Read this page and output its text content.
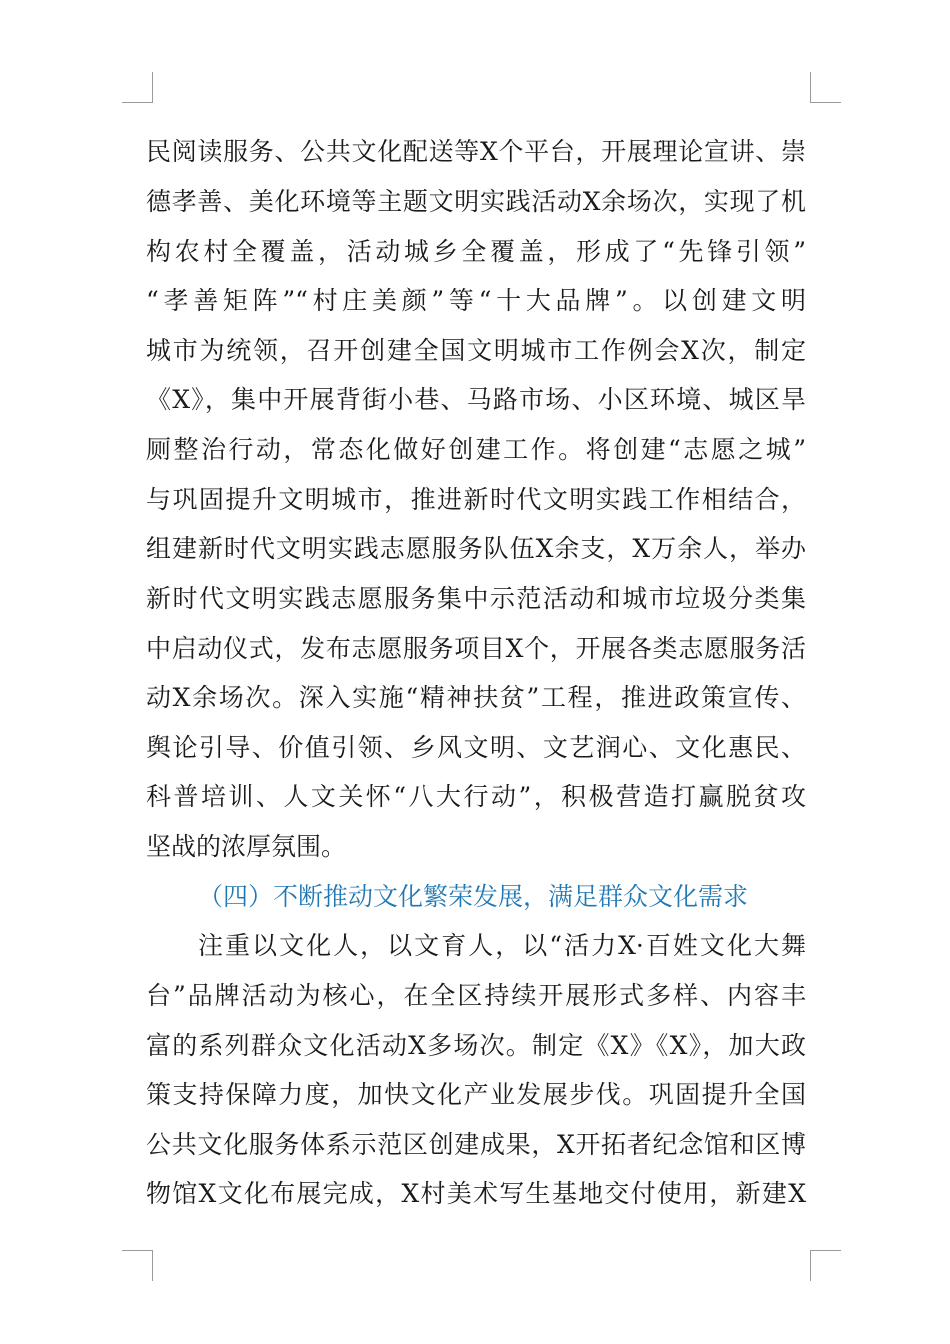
民阅读服务、公共文化配送等X个平台，开展理论宣讲、崇
德孝善、美化环境等主题文明实践活动X余场次，实现了机
构农村全覆盖，活动城乡全覆盖，形成了“先锋引领”
“孝善矩阵”“村庄美颜”等“十大品牌”。以创建文明
城市为统领，召开创建全国文明城市工作例会X次，制定
《X》，集中开展背街小巷、马路市场、小区环境、城区旱
厕整治行动，常态化做好创建工作。将创建“志愿之城”
与巩固提升文明城市，推进新时代文明实践工作相结合，
组建新时代文明实践志愿服务队伍X余支，X万余人，举办
新时代文明实践志愿服务集中示范活动和城市垃圾分类集
中启动仪式，发布志愿服务项目X个，开展各类志愿服务活
动X余场次。深入实施“精神扶贫”工程，推进政策宣传、
舆论引导、价值引领、乡风文明、文艺润心、文化惠民、
科普培训、人文关怀“八大行动”，积极营造打赢脱贫攻
坚战的浓厚氛围。
（四）不断推动文化繁荣发展，满足群众文化需求
注重以文化人，以文育人，以“活力X·百姓文化大舞
台”品牌活动为核心，在全区持续开展形式多样、内容丰
富的系列群众文化活动X多场次。制定《X》《X》，加大政
策支持保障力度，加快文化产业发展步伐。巩固提升全国
公共文化服务体系示范区创建成果，X开拓者纪念馆和区博
物馆X文化布展完成，X村美术写生基地交付使用，新建X
